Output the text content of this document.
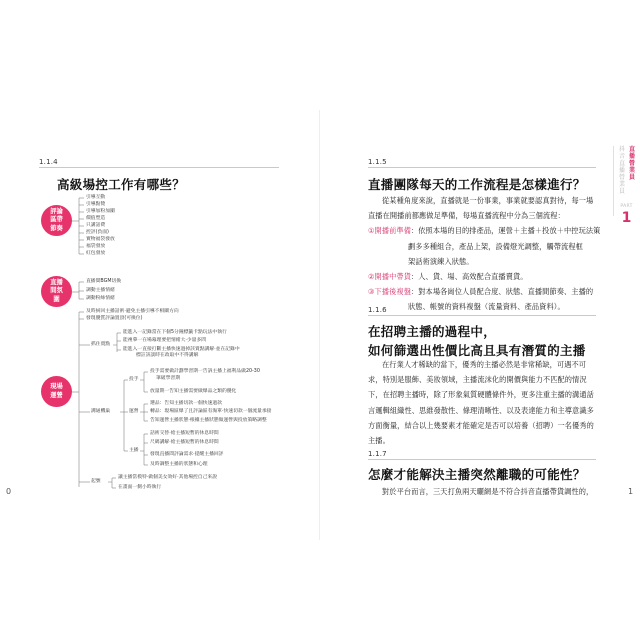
1.1.4
高級場控工作有哪些？
評論區帶節奏
引導互動
引導點贊
引導加粉加團
價值塑造
只講話費
控評(負面)
實物福袋發放
福袋發放
紅包發放
直播間氛圍
直播間BGM切換
調動主播情緒
調動粉絲情緒
現場運營
及時糾回主播話術·避免主播引導不相關方向
發現優質評論置頂(可換位)
抓住賣點
能進入一記錄當在下個5分鐘標籤卡點玩法中執行
能複摹一在場幕理要把情緒大·少量多問
能進入一直接打斷主播快速過掉該賣點講解·並在記錄中
標註該談時在政取中不得講解
溝通機巢
投手
投手需要做計劃學習期一告訴主播上福利品做20-30
筆破學習期
放量期一告知主播需要做爆品之類的優化
運營
選品：告知主播切款一個快速過款
轉品：現場區爆了且評論區有淘單·快速切款一個流量承接
告知運營主播狀態·根據主播狀態做運營與投放策略調整
主播
話術交替·給主播短暫的休息時間
尺碼講解·給主播短暫的休息時間
發現直播間評論需求·提醒主播回評
及時調整主播的狀態和心理
起號
讓主播當模特·做個美女效好·其他場控自己來說
在畫面一側小時執行
0
直播營業員
抖音直播營業員
PART
1
1.1.5
直播團隊每天的工作流程是怎樣進行？
從某種角度來說，直播就是一份事業，事業就要認真對待，每一場
直播在開播前都應做足準備，每場直播流程中分為三個流程：
①開播前準備：依照本場的目的排產品，運營＋主播＋投放＋中控玩法策
劃多多種組合，產品上架，設備燈光調整，觸帶流程框
架話術演練入狀態。
②開播中帶貨：人、貨、場、高效配合直播賣貨。
③下播後複盤：對本場各崗位人員配合度、狀態、直播間節奏、主播的
狀態、帳號的資料複盤（流量資料、產品資料）。
1.1.6
在招聘主播的過程中，
如何篩選出性價比高且具有潛質的主播
在行業人才稀缺的當下，優秀的主播必然是非常稀缺，可遇不可
求，特別是服飾、美妝領域，主播流沫化的開價與能力不匹配的情況
下，在招聘主播時，除了形象氣質硬體條件外，更多注重主播的溝通話
言邏輯組織性、思維發散性、條理清晰性、以及表達能力和主導意識多
方面衡量，結合以上幾要素才能確定是否可以培養（招聘）一名優秀的
主播。
1.1.7
怎麼才能解決主播突然離職的可能性？
對於平台而言，三天打魚兩天曬網是不符合抖音直播帶貨調性的，	1
